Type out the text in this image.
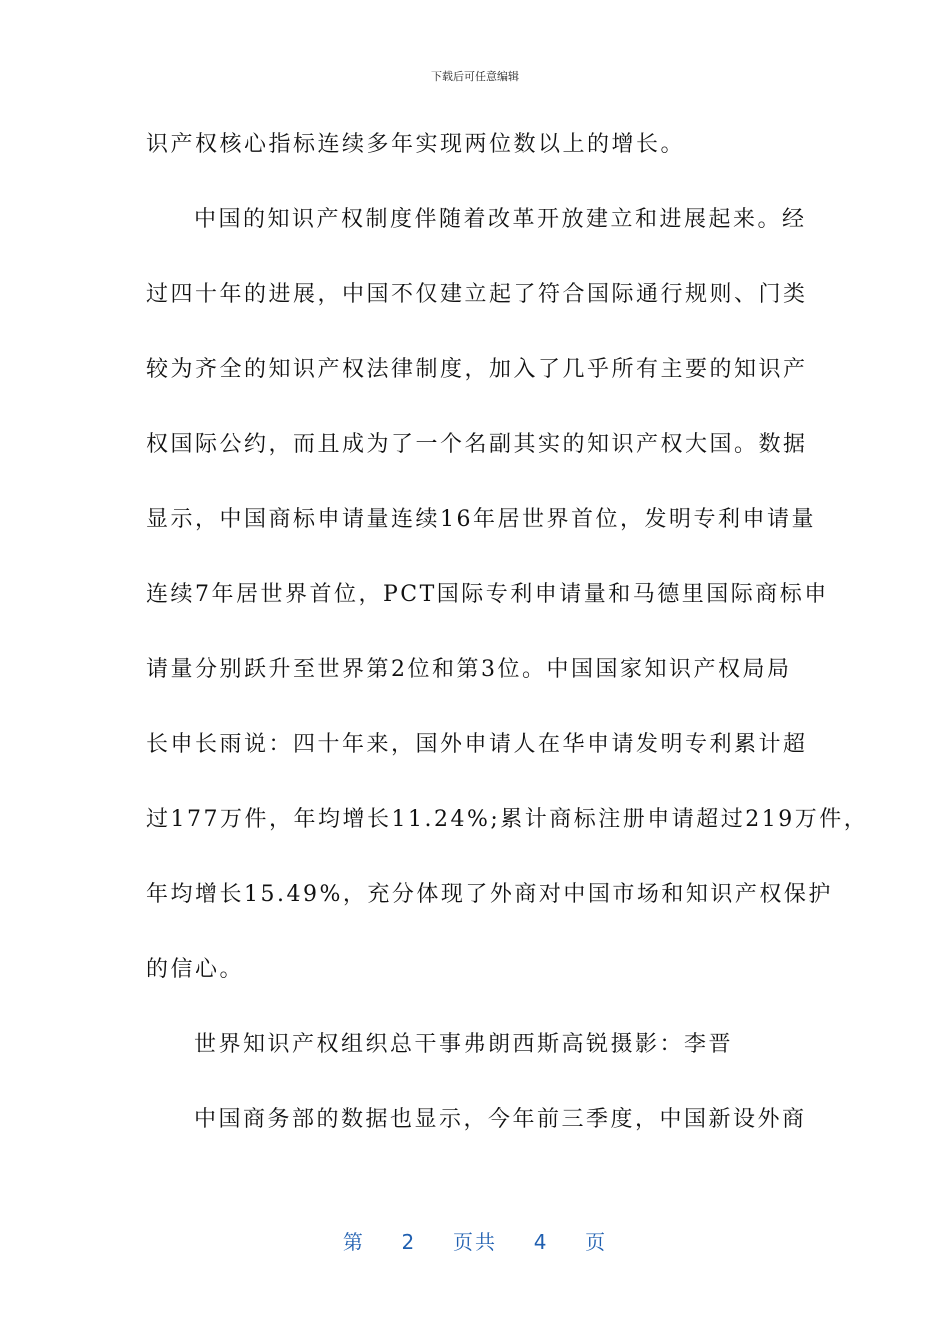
下载后可任意编辑
识产权核心指标连续多年实现两位数以上的增长。
中国的知识产权制度伴随着改革开放建立和进展起来。经
过四十年的进展，中国不仅建立起了符合国际通行规则、门类
较为齐全的知识产权法律制度，加入了几乎所有主要的知识产
权国际公约，而且成为了一个名副其实的知识产权大国。数据
显示，中国商标申请量连续16年居世界首位，发明专利申请量
连续7年居世界首位，PCT国际专利申请量和马德里国际商标申
请量分别跃升至世界第2位和第3位。中国国家知识产权局局
长申长雨说：四十年来，国外申请人在华申请发明专利累计超
过177万件，年均增长11.24%;累计商标注册申请超过219万件，
年均增长15.49%，充分体现了外商对中国市场和知识产权保护
的信心。
世界知识产权组织总干事弗朗西斯高锐摄影：李晋
中国商务部的数据也显示，今年前三季度，中国新设外商
第 2 页共 4 页
